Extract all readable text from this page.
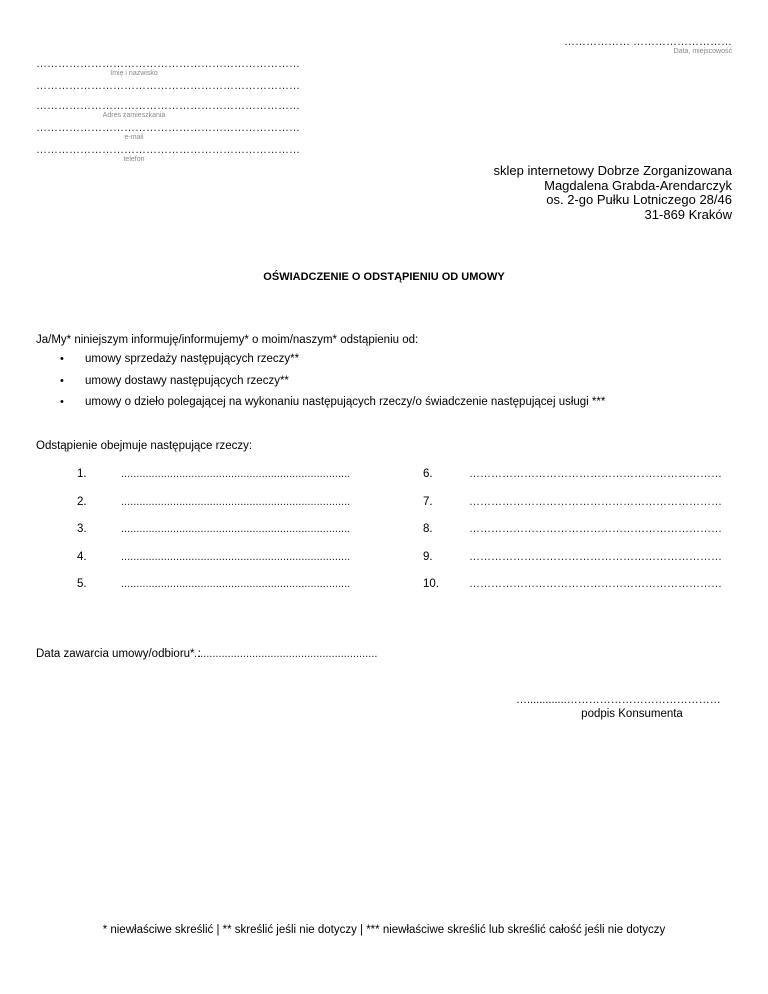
……………… ………………………
Data, miejscowość
………………………………………………………………
Imię i nazwisko
………………………………………………………………
………………………………………………………………
Adres zamieszkania
………………………………………………………………
e-mail
………………………………………………………………
telefon
sklep internetowy Dobrze Zorganizowana
Magdalena Grabda-Arendarczyk
os. 2-go Pułku Lotniczego 28/46
31-869 Kraków
OŚWIADCZENIE O ODSTĄPIENIU OD UMOWY
Ja/My* niniejszym informuję/informujemy* o moim/naszym* odstąpieniu od:
• umowy sprzedaży następujących rzeczy**
• umowy dostawy następujących rzeczy**
• umowy o dzieło polegającej na wykonaniu następujących rzeczy/o świadczenie następującej usługi ***
Odstąpienie obejmuje następujące rzeczy:
1.	...........................................................................
2.	...........................................................................
3.	...........................................................................
4.	...........................................................................
5.	...........................................................................
6.	……………………………………………………………
7.	……………………………………………………………
8.	……………………………………………………………
9.	……………………………………………………………
10.	……………………………………………………………
Data zawarcia umowy/odbioru* :
............................................................
….............……………………………………
podpis Konsumenta
* niewłaściwe skreślić | ** skreślić jeśli nie dotyczy | *** niewłaściwe skreślić lub skreślić całość jeśli nie dotyczy
